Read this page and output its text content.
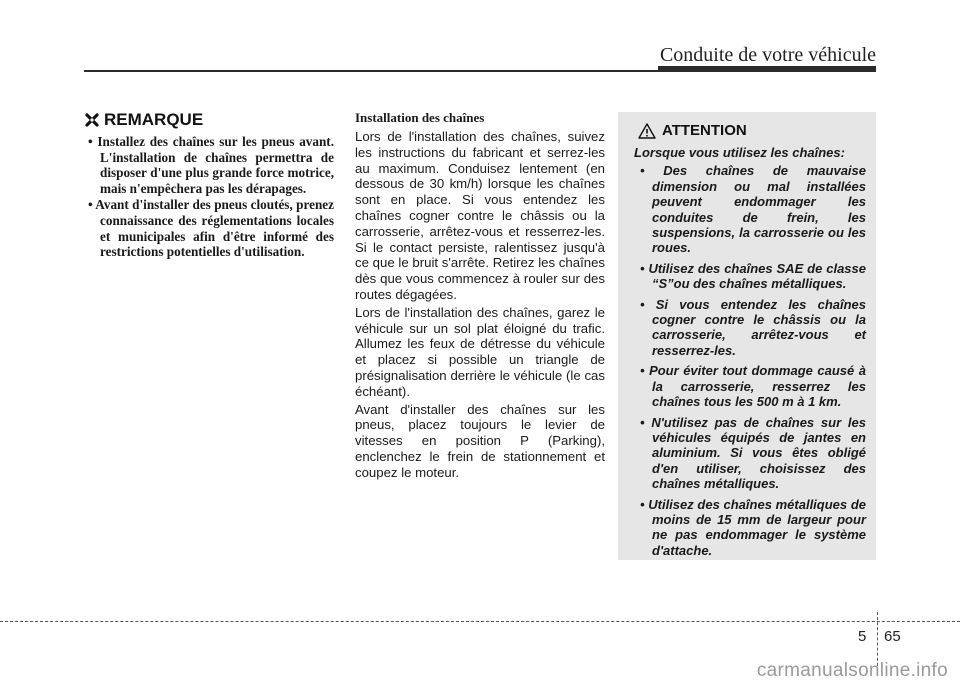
Conduite de votre véhicule
REMARQUE
• Installez des chaînes sur les pneus avant. L'installation de chaînes permettra de disposer d'une plus grande force motrice, mais n'empêchera pas les dérapages.
• Avant d'installer des pneus cloutés, prenez connaissance des réglementations locales et municipales afin d'être informé des restrictions potentielles d'utilisation.
Installation des chaînes

Lors de l'installation des chaînes, suivez les instructions du fabricant et serrez-les au maximum. Conduisez lentement (en dessous de 30 km/h) lorsque les chaînes sont en place. Si vous entendez les chaînes cogner contre le châssis ou la carrosserie, arrêtez-vous et resserrez-les. Si le contact persiste, ralentissez jusqu'à ce que le bruit s'arrête. Retirez les chaînes dès que vous commencez à rouler sur des routes dégagées.

Lors de l'installation des chaînes, garez le véhicule sur un sol plat éloigné du trafic. Allumez les feux de détresse du véhicule et placez si possible un triangle de présignalisation derrière le véhicule (le cas échéant).

Avant d'installer des chaînes sur les pneus, placez toujours le levier de vitesses en position P (Parking), enclenchez le frein de stationnement et coupez le moteur.

ATTENTION
Lorsque vous utilisez les chaînes:
• Des chaînes de mauvaise dimension ou mal installées peuvent endommager les conduites de frein, les suspensions, la carrosserie ou les roues.
• Utilisez des chaînes SAE de classe “S”ou des chaînes métalliques.
• Si vous entendez les chaînes cogner contre le châssis ou la carrosserie, arrêtez-vous et resserrez-les.
• Pour éviter tout dommage causé à la carrosserie, resserrez les chaînes tous les 500 m à 1 km.
• N'utilisez pas de chaînes sur les véhicules équipés de jantes en aluminium. Si vous êtes obligé d'en utiliser, choisissez des chaînes métalliques.
• Utilisez des chaînes métalliques de moins de 15 mm de largeur pour ne pas endommager le système d'attache.
5 65
carmanualsonline.info
